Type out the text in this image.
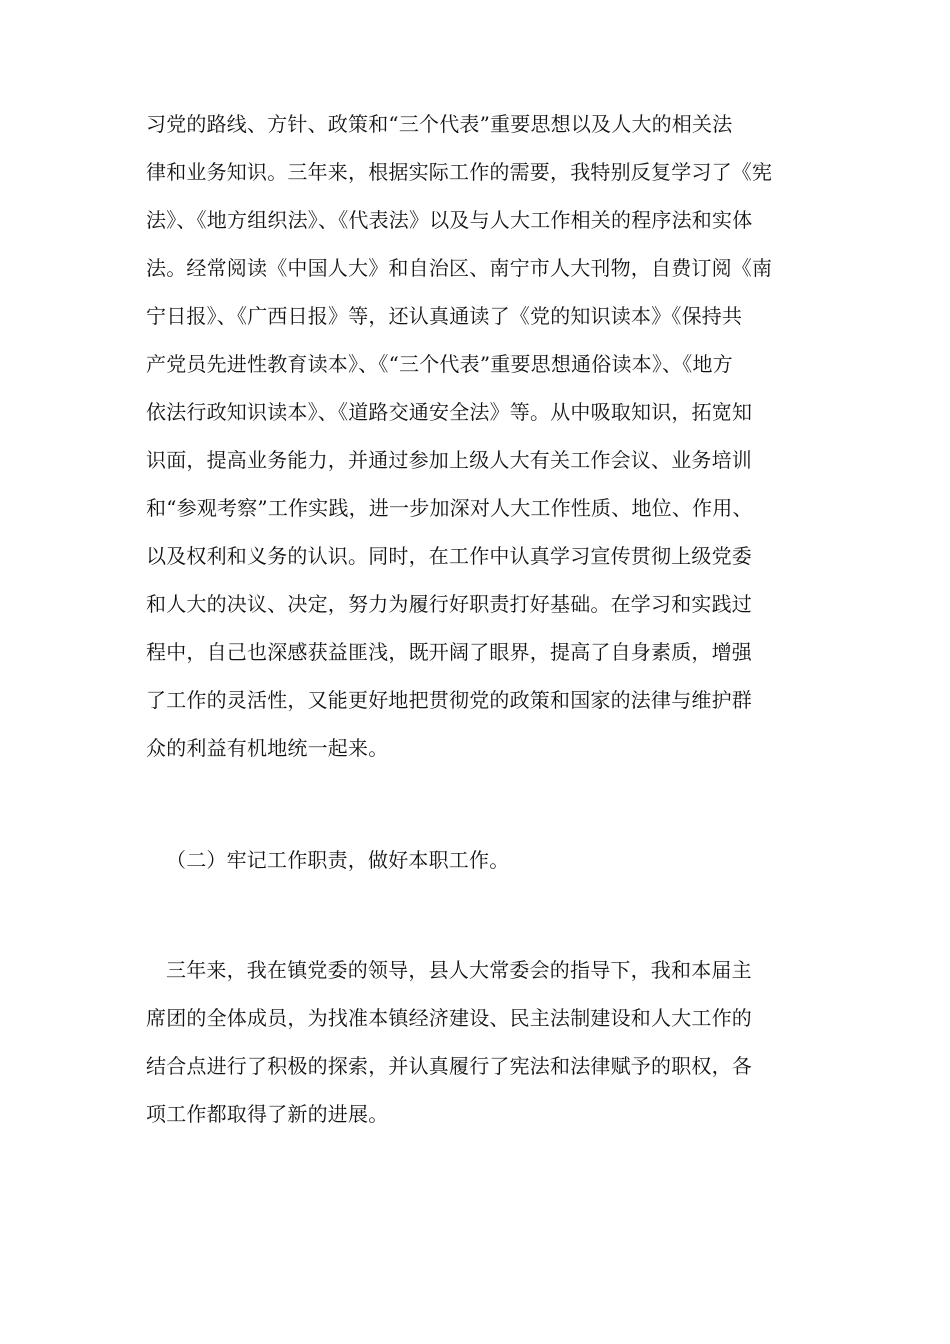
习党的路线、方针、政策和“三个代表”重要思想以及人大的相关法
律和业务知识。三年来，根据实际工作的需要，我特别反复学习了《宪
法》、《地方组织法》、《代表法》以及与人大工作相关的程序法和实体
法。经常阅读《中国人大》和自治区、南宁市人大刊物，自费订阅《南
宁日报》、《广西日报》等，还认真通读了《党的知识读本》《保持共
产党员先进性教育读本》、《“三个代表”重要思想通俗读本》、《地方
依法行政知识读本》、《道路交通安全法》等。从中吸取知识，拓宽知
识面，提高业务能力，并通过参加上级人大有关工作会议、业务培训
和“参观考察”工作实践，进一步加深对人大工作性质、地位、作用、
以及权利和义务的认识。同时，在工作中认真学习宣传贯彻上级党委
和人大的决议、决定，努力为履行好职责打好基础。在学习和实践过
程中，自己也深感获益匪浅，既开阔了眼界，提高了自身素质，增强
了工作的灵活性，又能更好地把贯彻党的政策和国家的法律与维护群
众的利益有机地统一起来。
（二）牢记工作职责，做好本职工作。
三年来，我在镇党委的领导，县人大常委会的指导下，我和本届主
席团的全体成员，为找准本镇经济建设、民主法制建设和人大工作的
结合点进行了积极的探索，并认真履行了宪法和法律赋予的职权，各
项工作都取得了新的进展。
